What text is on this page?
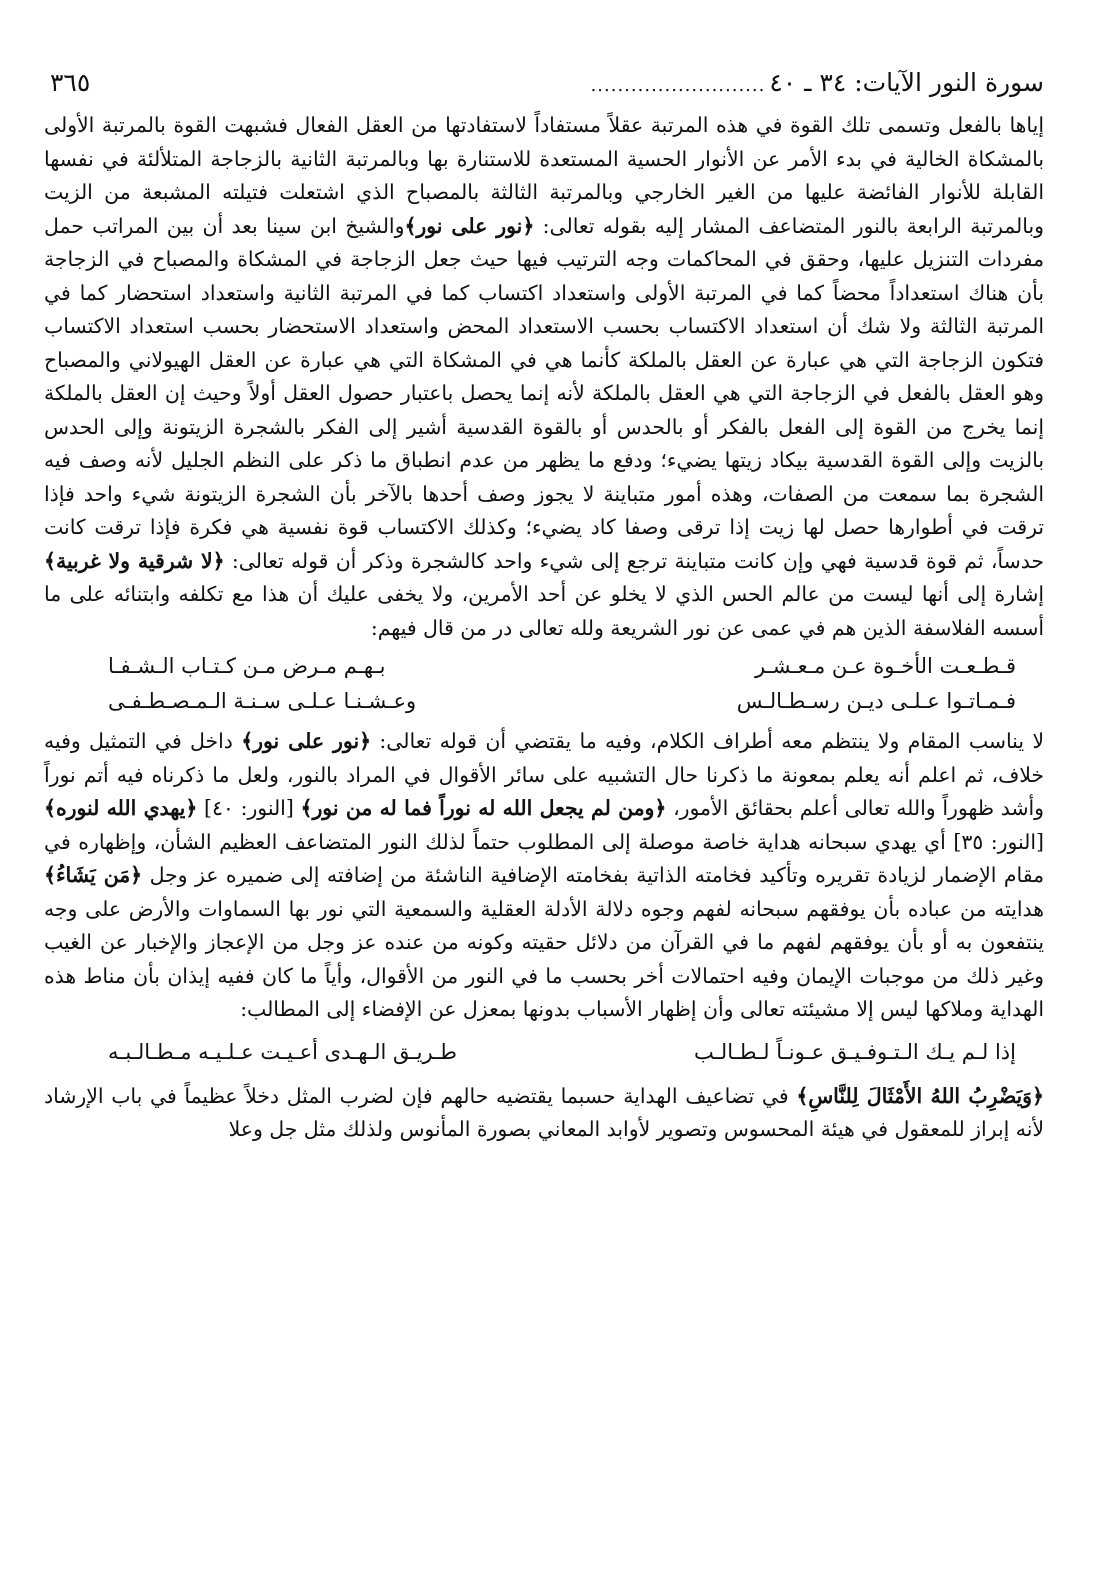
سورة النور الآيات: ٣٤ ـ ٤٠
..........................
٣٦٥

إياها بالفعل وتسمى تلك القوة في هذه المرتبة عقلاً مستفاداً لاستفادتها من العقل الفعال فشبهت القوة بالمرتبة الأولى بالمشكاة الخالية في بدء الأمر عن الأنوار الحسية المستعدة للاستنارة بها وبالمرتبة الثانية بالزجاجة المتلألئة في نفسها القابلة للأنوار الفائضة عليها من الغير الخارجي وبالمرتبة الثالثة بالمصباح الذي اشتعلت فتيلته المشبعة من الزيت وبالمرتبة الرابعة بالنور المتضاعف المشار إليه بقوله تعالى: ﴿نور على نور﴾والشيخ ابن سينا بعد أن بين المراتب حمل مفردات التنزيل عليها، وحقق في المحاكمات وجه الترتيب فيها حيث جعل الزجاجة في المشكاة والمصباح في الزجاجة بأن هناك استعداداً محضاً كما في المرتبة الأولى واستعداد اكتساب كما في المرتبة الثانية واستعداد استحضار كما في المرتبة الثالثة ولا شك أن استعداد الاكتساب بحسب الاستعداد المحض واستعداد الاستحضار بحسب استعداد الاكتساب فتكون الزجاجة التي هي عبارة عن العقل بالملكة كأنما هي في المشكاة التي هي عبارة عن العقل الهيولاني والمصباح وهو العقل بالفعل في الزجاجة التي هي العقل بالملكة لأنه إنما يحصل باعتبار حصول العقل أولاً وحيث إن العقل بالملكة إنما يخرج من القوة إلى الفعل بالفكر أو بالحدس أو بالقوة القدسية أشير إلى الفكر بالشجرة الزيتونة وإلى الحدس بالزيت وإلى القوة القدسية بيكاد زيتها يضيء؛ ودفع ما يظهر من عدم انطباق ما ذكر على النظم الجليل لأنه وصف فيه الشجرة بما سمعت من الصفات، وهذه أمور متباينة لا يجوز وصف أحدها بالآخر بأن الشجرة الزيتونة شيء واحد فإذا ترقت في أطوارها حصل لها زيت إذا ترقى وصفا كاد يضيء؛ وكذلك الاكتساب قوة نفسية هي فكرة فإذا ترقت كانت حدساً، ثم قوة قدسية فهي وإن كانت متباينة ترجع إلى شيء واحد كالشجرة وذكر أن قوله تعالى: ﴿لا شرقية ولا غربية﴾ إشارة إلى أنها ليست من عالم الحس الذي لا يخلو عن أحد الأمرين، ولا يخفى عليك أن هذا مع تكلفه وابتنائه على ما أسسه الفلاسفة الذين هم في عمى عن نور الشريعة ولله تعالى در من قال فيهم:

قـطـعـت الأخـوة عـن مـعـشـر
بـهـم مـرض مـن كـتـاب الـشـفـا
فـمـاتـوا عـلـى ديـن رسـطـالـس
وعـشـنـا عـلـى سـنـة الـمـصـطـفـى

لا يناسب المقام ولا ينتظم معه أطراف الكلام، وفيه ما يقتضي أن قوله تعالى: ﴿نور على نور﴾ داخل في التمثيل وفيه خلاف، ثم اعلم أنه يعلم بمعونة ما ذكرنا حال التشبيه على سائر الأقوال في المراد بالنور، ولعل ما ذكرناه فيه أتم نوراً وأشد ظهوراً والله تعالى أعلم بحقائق الأمور، ﴿ومن لم يجعل الله له نوراً فما له من نور﴾ [النور: ٤٠] ﴿يهدي الله لنوره﴾ [النور: ٣٥] أي يهدي سبحانه هداية خاصة موصلة إلى المطلوب حتماً لذلك النور المتضاعف العظيم الشأن، وإظهاره في مقام الإضمار لزيادة تقريره وتأكيد فخامته الذاتية بفخامته الإضافية الناشئة من إضافته إلى ضميره عز وجل ﴿مَن يَشَاءُ﴾ هدايته من عباده بأن يوفقهم سبحانه لفهم وجوه دلالة الأدلة العقلية والسمعية التي نور بها السماوات والأرض على وجه ينتفعون به أو بأن يوفقهم لفهم ما في القرآن من دلائل حقيته وكونه من عنده عز وجل من الإعجاز والإخبار عن الغيب وغير ذلك من موجبات الإيمان وفيه احتمالات أخر بحسب ما في النور من الأقوال، وأياً ما كان ففيه إيذان بأن مناط هذه الهداية وملاكها ليس إلا مشيئته تعالى وأن إظهار الأسباب بدونها بمعزل عن الإفضاء إلى المطالب:

إذا لـم يـك الـتـوفـيـق عـونـاً لـطـالـب
طـريـق الـهـدى أعـيـت عـلـيـه مـطـالـبـه

﴿وَيَضْرِبُ اللهُ الأَمْثَالَ لِلنَّاسِ﴾ في تضاعيف الهداية حسبما يقتضيه حالهم فإن لضرب المثل دخلاً عظيماً في باب الإرشاد لأنه إبراز للمعقول في هيئة المحسوس وتصوير لأوابد المعاني بصورة المأنوس ولذلك مثل جل وعلا
